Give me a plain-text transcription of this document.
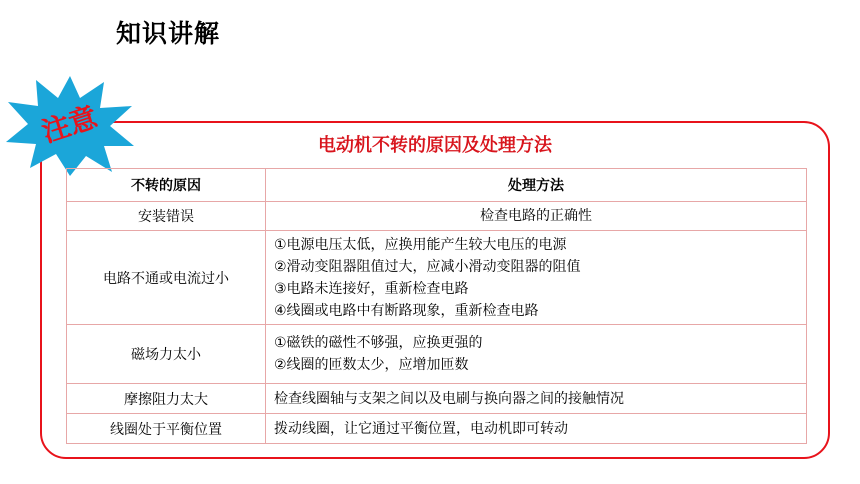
知识讲解
注意	电动机不转的原因及处理方法
不转的原因	处理方法
安装错误	检查电路的正确性

电路不通或电流过小	①电源电压太低，应换用能产生较大电压的电源
②滑动变阻器阻值过大，应减小滑动变阻器的阻值
③电路未连接好，重新检查电路
④线圈或电路中有断路现象，重新检查电路

磁场力太小	①磁铁的磁性不够强，应换更强的
②线圈的匝数太少，应增加匝数

摩擦阻力太大	检查线圈轴与支架之间以及电刷与换向器之间的接触情况

线圈处于平衡位置	拨动线圈，让它通过平衡位置，电动机即可转动
